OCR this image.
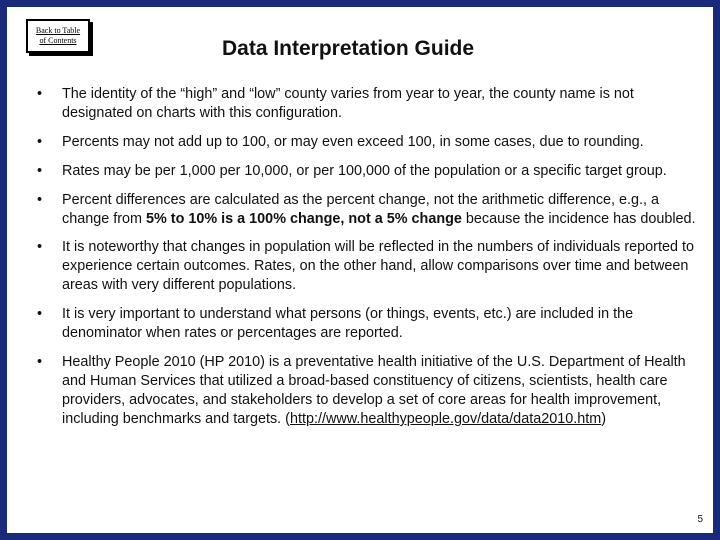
Back to Table
of Contents	Data Interpretation Guide
• The identity of the “high” and “low” county varies from year to year, the county name is not designated on charts with this configuration.
• Percents may not add up to 100, or may even exceed 100, in some cases, due to rounding.
• Rates may be per 1,000 per 10,000, or per 100,000 of the population or a specific target group.
• Percent differences are calculated as the percent change, not the arithmetic difference, e.g., a change from 5% to 10% is a 100% change, not a 5% change because the incidence has doubled.
• It is noteworthy that changes in population will be reflected in the numbers of individuals reported to experience certain outcomes. Rates, on the other hand, allow comparisons over time and between areas with very different populations.
• It is very important to understand what persons (or things, events, etc.) are included in the denominator when rates or percentages are reported.
• Healthy People 2010 (HP 2010) is a preventative health initiative of the U.S. Department of Health and Human Services that utilized a broad-based constituency of citizens, scientists, health care providers, advocates, and stakeholders to develop a set of core areas for health improvement, including benchmarks and targets. (http://www.healthypeople.gov/data/data2010.htm)
5
